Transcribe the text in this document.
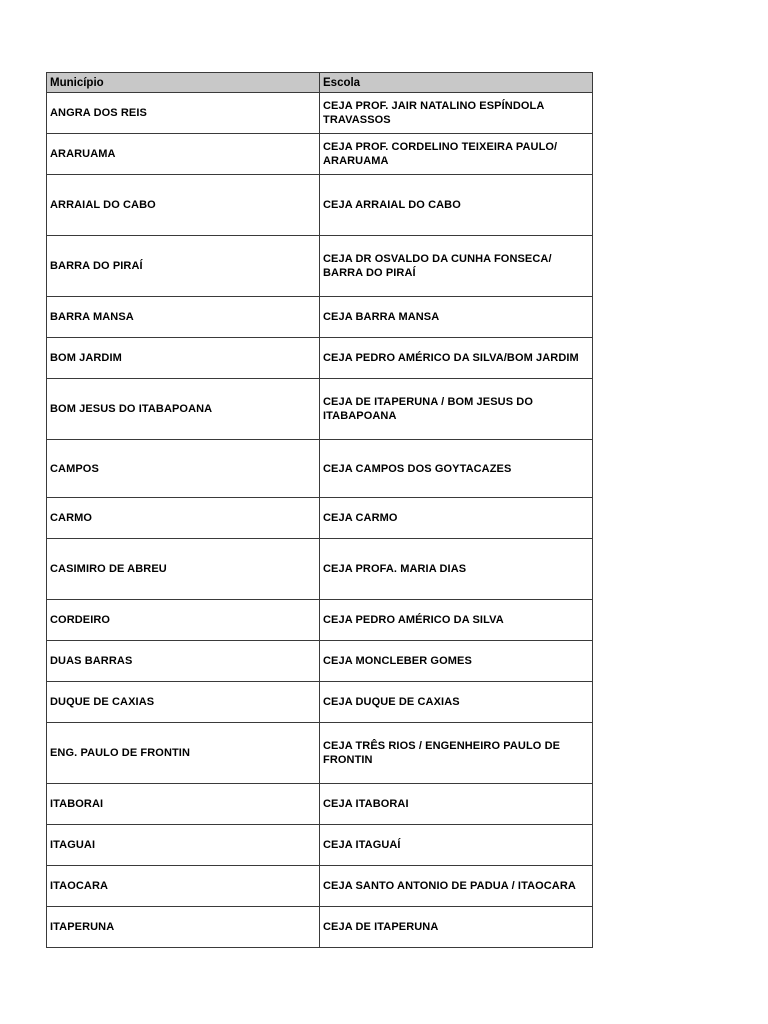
Município	Escola
ANGRA DOS REIS	CEJA PROF. JAIR NATALINO ESPÍNDOLA TRAVASSOS
ARARUAMA	CEJA PROF. CORDELINO TEIXEIRA PAULO/ ARARUAMA
ARRAIAL DO CABO	CEJA ARRAIAL DO CABO
BARRA DO PIRAÍ	CEJA DR OSVALDO DA CUNHA FONSECA/ BARRA DO PIRAÍ
BARRA MANSA	CEJA BARRA MANSA
BOM JARDIM	CEJA PEDRO AMÉRICO DA SILVA/BOM JARDIM
BOM JESUS DO ITABAPOANA	CEJA DE ITAPERUNA / BOM JESUS DO ITABAPOANA
CAMPOS	CEJA CAMPOS DOS GOYTACAZES
CARMO	CEJA CARMO
CASIMIRO DE ABREU	CEJA PROFA. MARIA DIAS
CORDEIRO	CEJA PEDRO AMÉRICO DA SILVA
DUAS BARRAS	CEJA MONCLEBER GOMES
DUQUE DE CAXIAS	CEJA DUQUE DE CAXIAS
ENG. PAULO DE FRONTIN	CEJA TRÊS RIOS / ENGENHEIRO PAULO DE FRONTIN
ITABORAI	CEJA ITABORAI
ITAGUAI	CEJA ITAGUAÍ
ITAOCARA	CEJA SANTO ANTONIO DE PADUA / ITAOCARA
ITAPERUNA	CEJA DE ITAPERUNA
